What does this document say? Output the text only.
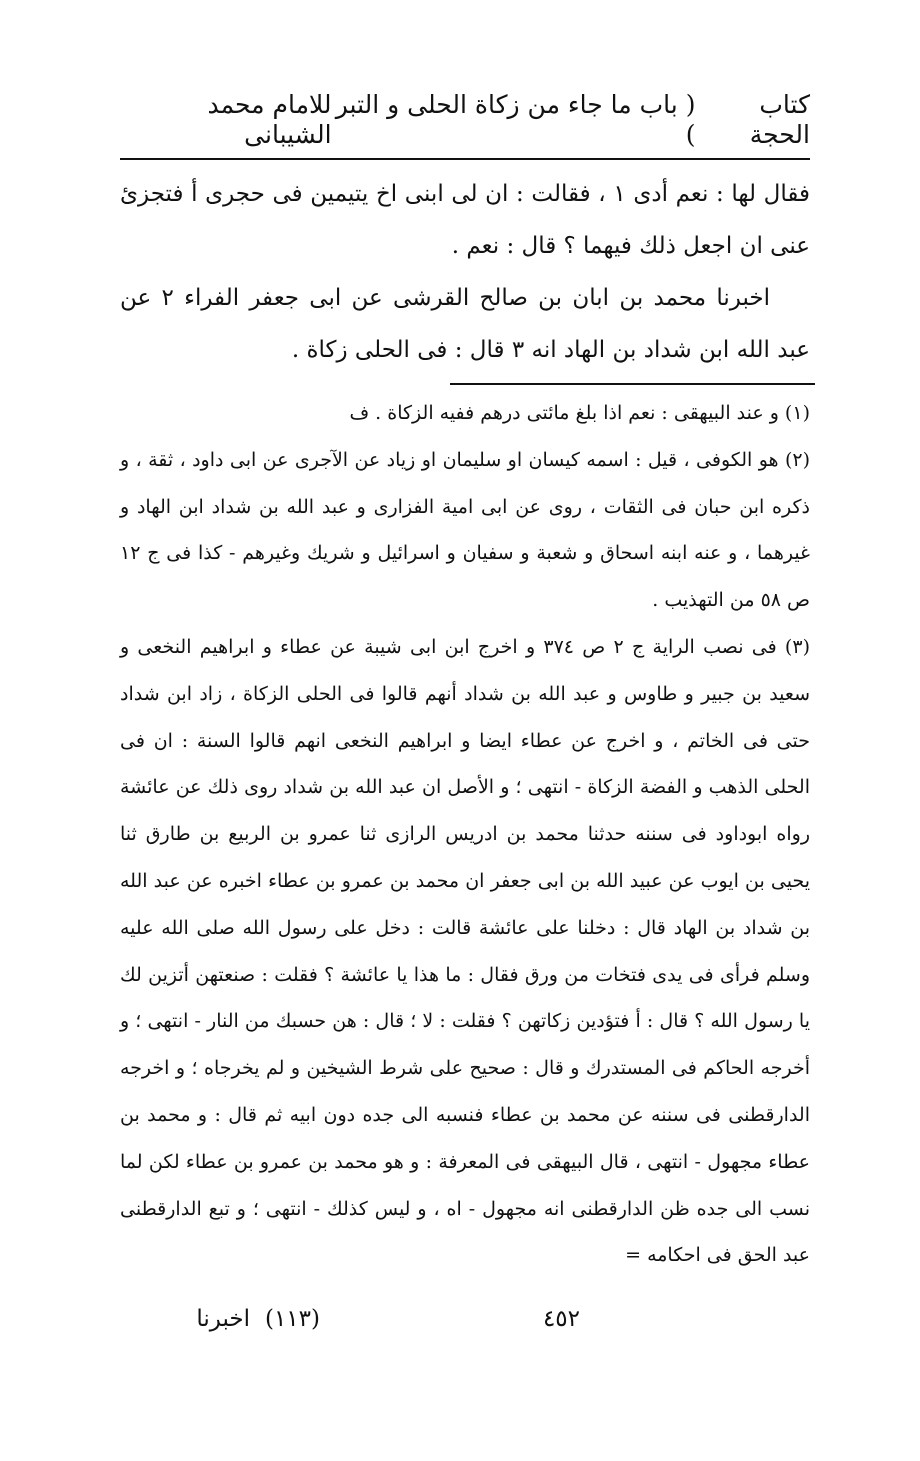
كتاب الحجة
( باب ما جاء من زكاة الحلى و التبر )
للامام محمد الشيبانى

فقال لها : نعم أدى ١ ، فقالت : ان لى ابنى اخ يتيمين فى حجرى أ فتجزئ عنى ان اجعل ذلك فيهما ؟ قال : نعم .

اخبرنا محمد بن ابان بن صالح القرشى عن ابى جعفر الفراء ٢ عن عبد الله ابن شداد بن الهاد انه ٣ قال : فى الحلى زكاة .

(١) و عند البيهقى : نعم اذا بلغ مائتى درهم ففيه الزكاة . ف

(٢) هو الكوفى ، قيل : اسمه كيسان او سليمان او زياد عن الآجرى عن ابى داود ، ثقة ، و ذكره ابن حبان فى الثقات ، روى عن ابى امية الفزارى و عبد الله بن شداد ابن الهاد و غيرهما ، و عنه ابنه اسحاق و شعبة و سفيان و اسرائيل و شريك وغيرهم - كذا فى ج ١٢ ص ٥٨ من التهذيب .

(٣) فى نصب الراية ج ٢ ص ٣٧٤ و اخرج ابن ابى شيبة عن عطاء و ابراهيم النخعى و سعيد بن جبير و طاوس و عبد الله بن شداد أنهم قالوا فى الحلى الزكاة ، زاد ابن شداد حتى فى الخاتم ، و اخرج عن عطاء ايضا و ابراهيم النخعى انهم قالوا السنة : ان فى الحلى الذهب و الفضة الزكاة - انتهى ؛ و الأصل ان عبد الله بن شداد روى ذلك عن عائشة رواه ابوداود فى سننه حدثنا محمد بن ادريس الرازى ثنا عمرو بن الربيع بن طارق ثنا يحيى بن ايوب عن عبيد الله بن ابى جعفر ان محمد بن عمرو بن عطاء اخبره عن عبد الله بن شداد بن الهاد قال : دخلنا على عائشة قالت : دخل على رسول الله صلى الله عليه وسلم فرأى فى يدى فتخات من ورق فقال : ما هذا يا عائشة ؟ فقلت : صنعتهن أتزين لك يا رسول الله ؟ قال : أ فتؤدين زكاتهن ؟ فقلت : لا ؛ قال : هن حسبك من النار - انتهى ؛ و أخرجه الحاكم فى المستدرك و قال : صحيح على شرط الشيخين و لم يخرجاه ؛ و اخرجه الدارقطنى فى سننه عن محمد بن عطاء فنسبه الى جده دون ابيه ثم قال : و محمد بن عطاء مجهول - انتهى ، قال البيهقى فى المعرفة : و هو محمد بن عمرو بن عطاء لكن لما نسب الى جده ظن الدارقطنى انه مجهول - اه ، و ليس كذلك - انتهى ؛ و تبع الدارقطنى عبد الحق فى احكامه =

٤٥٢
(١١٣)
اخبرنا
